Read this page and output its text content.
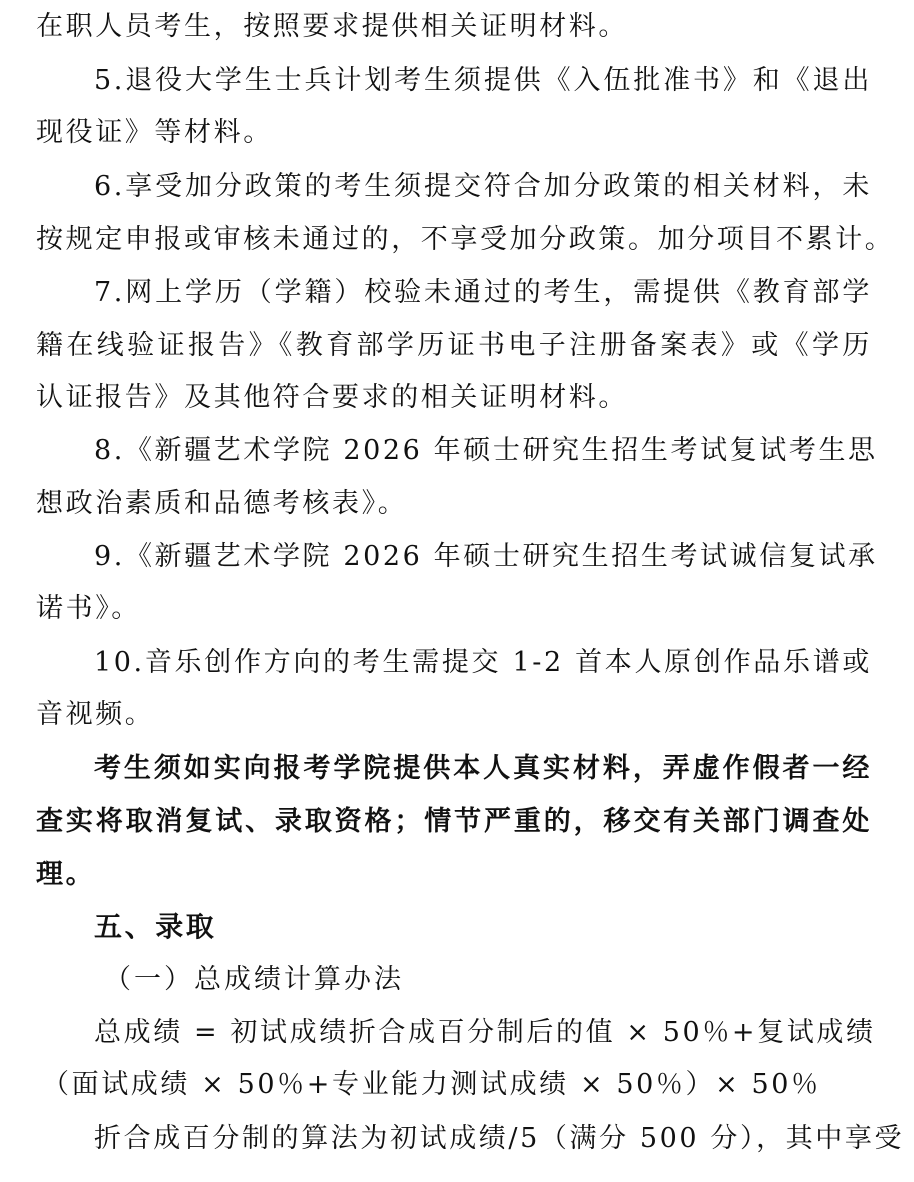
在职人员考生，按照要求提供相关证明材料。
5.退役大学生士兵计划考生须提供《入伍批准书》和《退出
现役证》等材料。
6.享受加分政策的考生须提交符合加分政策的相关材料，未
按规定申报或审核未通过的，不享受加分政策。加分项目不累计。
7.网上学历（学籍）校验未通过的考生，需提供《教育部学
籍在线验证报告》《教育部学历证书电子注册备案表》或《学历
认证报告》及其他符合要求的相关证明材料。
8.《新疆艺术学院 2026 年硕士研究生招生考试复试考生思
想政治素质和品德考核表》。
9.《新疆艺术学院 2026 年硕士研究生招生考试诚信复试承
诺书》。
10.音乐创作方向的考生需提交 1-2 首本人原创作品乐谱或
音视频。
考生须如实向报考学院提供本人真实材料，弄虚作假者一经
查实将取消复试、录取资格；情节严重的，移交有关部门调查处
理。
五、录取
（一）总成绩计算办法
总成绩 = 初试成绩折合成百分制后的值 × 50％+复试成绩
（面试成绩 × 50％+专业能力测试成绩 × 50％）× 50％
折合成百分制的算法为初试成绩/5（满分 500 分），其中享受
